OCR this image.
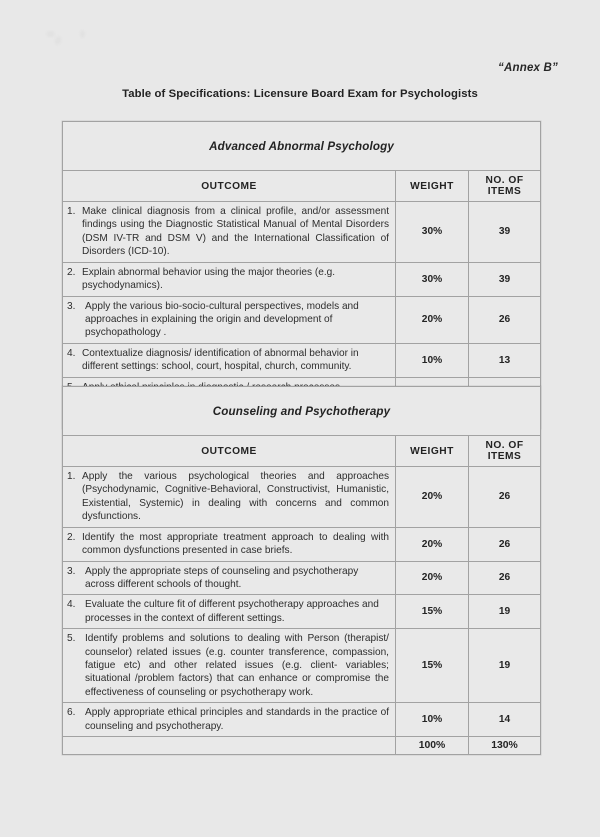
“Annex B”
Table of Specifications: Licensure Board Exam for Psychologists
Advanced Abnormal Psychology		
OUTCOME	WEIGHT	NO. OF ITEMS

1. Make clinical diagnosis from a clinical profile, and/or assessment findings using the Diagnostic Statistical Manual of Mental Disorders (DSM IV-TR and DSM V) and the International Classification of Disorders (ICD-10).	30%	39

2. Explain abnormal behavior using the major theories (e.g. psychodynamics).	30%	39

3. Apply the various bio-socio-cultural perspectives, models and approaches in explaining the origin and development of psychopathology .	20%	26

4. Contextualize diagnosis/ identification of abnormal behavior in different settings: school, court, hospital, church, community.	10%	13

Counseling and Psychotherapy		
OUTCOME	WEIGHT	NO. OF ITEMS

1. Apply the various psychological theories and approaches (Psychodynamic, Cognitive-Behavioral, Constructivist, Humanistic, Existential, Systemic) in dealing with concerns and common dysfunctions.	20%	26

2. Identify the most appropriate treatment approach to dealing with common dysfunctions presented in case briefs.	20%	26

3. Apply the appropriate steps of counseling and psychotherapy across different schools of thought.	20%	26

4. Evaluate the culture fit of different psychotherapy approaches and processes in the context of different settings.	15%	19

5. Identify problems and solutions to dealing with Person (therapist/ counselor) related issues (e.g. counter transference, compassion, fatigue etc) and other related issues (e.g. client- variables; situational /problem factors) that can enhance or compromise the effectiveness of counseling or psychotherapy work.	15%	19

6. Apply appropriate ethical principles and standards in the practice of counseling and psychotherapy.	10%	14
	100%	130%
